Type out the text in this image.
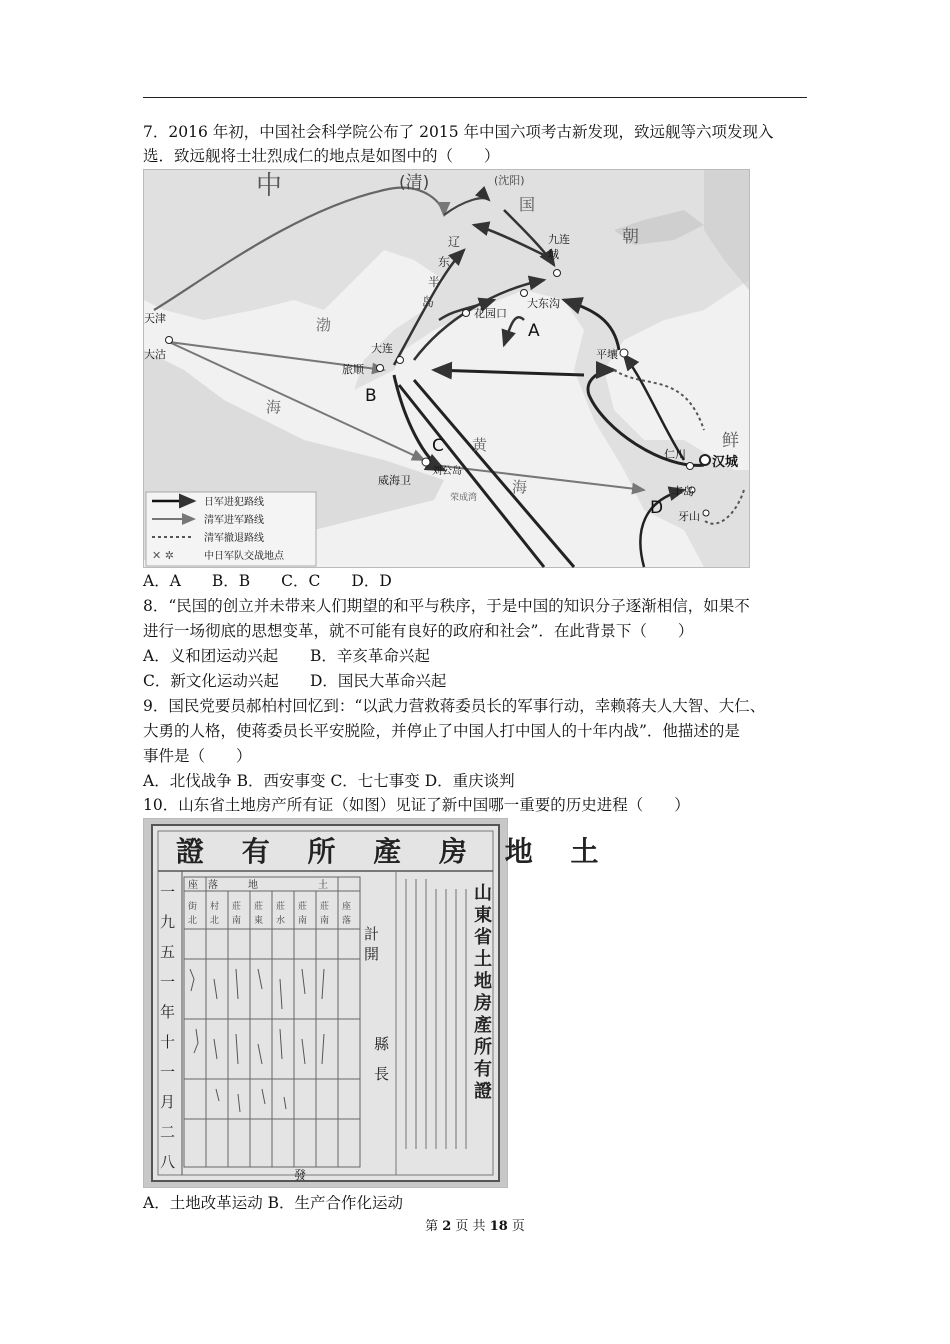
7．2016 年初，中国社会科学院公布了 2015 年中国六项考古新发现，致远舰等六项发现入
选．致远舰将士壮烈成仁的地点是如图中的（　　）
中	(清)	(沈阳)
国
朝
鲜
渤
海
黄
海
辽
东
半
岛
九连
城
大东沟
花园口
大连
旅顺
平壤
天津
大沽
威海卫
刘公岛
荣成湾
仁川
汉城
丰岛
牙山
A
B
C
D
日军进犯路线
清军进军路线
清军撤退路线
✕ ✲	中日军队交战地点
A．A　　B．B　　C．C　　D．D
8．“民国的创立并未带来人们期望的和平与秩序，于是中国的知识分子逐渐相信，如果不
进行一场彻底的思想变革，就不可能有良好的政府和社会”．在此背景下（　　）
A．义和团运动兴起 B．辛亥革命兴起
C．新文化运动兴起 D．国民大革命兴起
9．国民党要员郝柏村回忆到：“以武力营救蒋委员长的军事行动，幸赖蒋夫人大智、大仁、
大勇的人格，使蒋委员长平安脱险，并停止了中国人打中国人的十年内战”．他描述的是
事件是（　　）
A．北伐战争 B．西安事变 C．七七事变 D．重庆谈判
10．山东省土地房产所有证（如图）见证了新中国哪一重要的历史进程（　　）
證 有 所 產 房 地 土
一
九
五
一
年
十
一
月
二
八
座 落	地	土
街 村 莊 莊 莊 莊 莊 座
北 北 南 東 水 南 南 落
計
開
縣
長
山
東
省
土
地
房
產
所
有
證
發
A．土地改革运动 B．生产合作化运动
第 2 页 共 18 页
